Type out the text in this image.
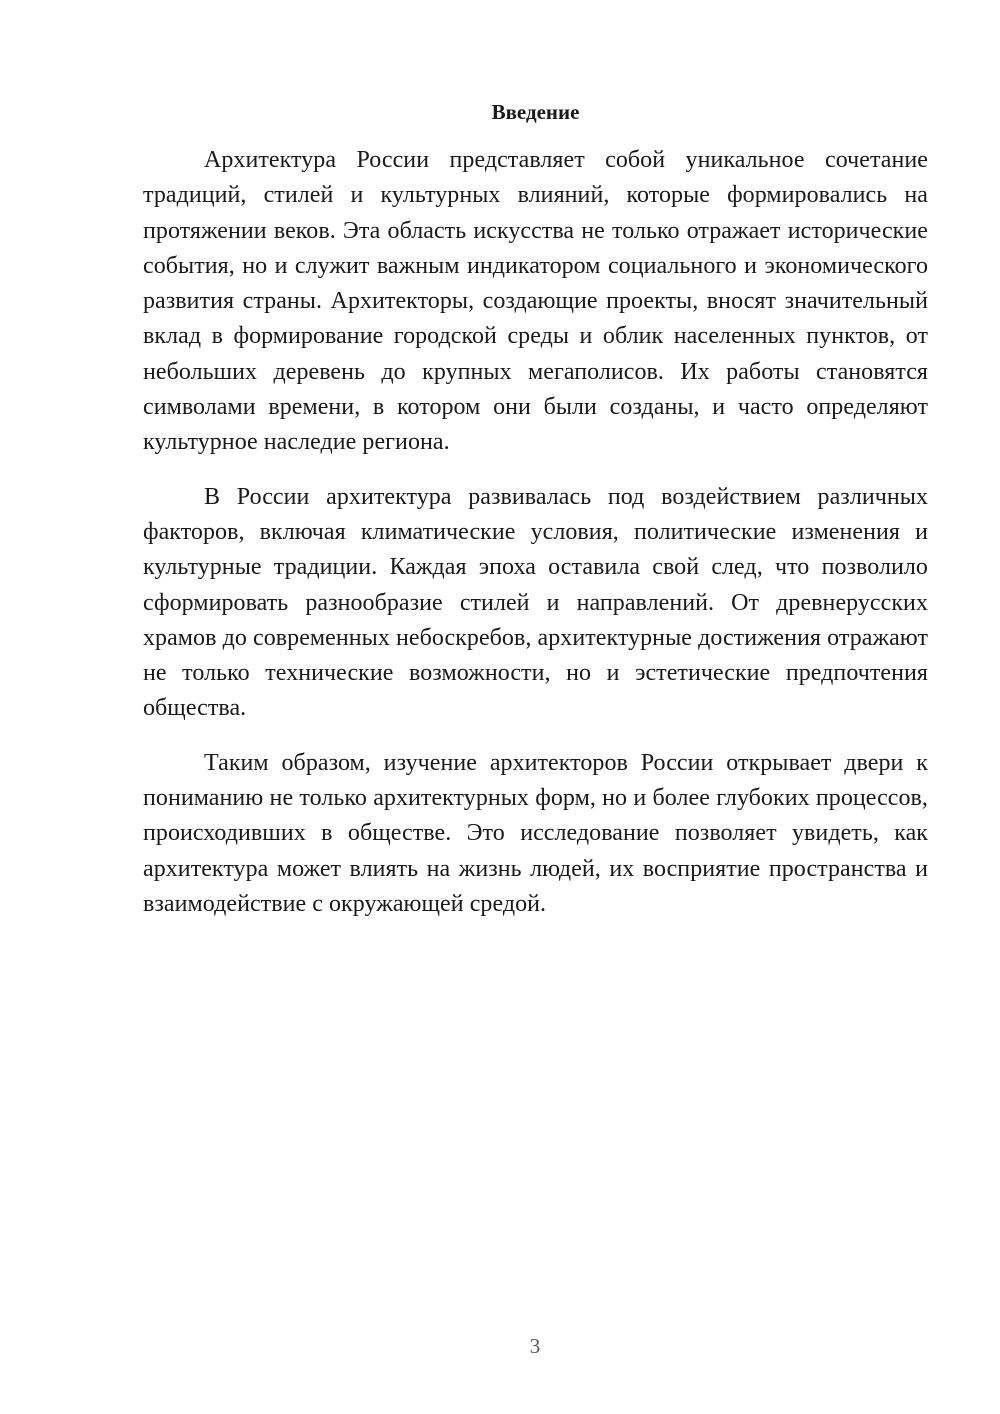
Введение

Архитектура России представляет собой уникальное сочетание традиций, стилей и культурных влияний, которые формировались на протяжении веков. Эта область искусства не только отражает исторические события, но и служит важным индикатором социального и экономического развития страны. Архитекторы, создающие проекты, вносят значительный вклад в формирование городской среды и облик населенных пунктов, от небольших деревень до крупных мегаполисов. Их работы становятся символами времени, в котором они были созданы, и часто определяют культурное наследие региона.

В России архитектура развивалась под воздействием различных факторов, включая климатические условия, политические изменения и культурные традиции. Каждая эпоха оставила свой след, что позволило сформировать разнообразие стилей и направлений. От древнерусских храмов до современных небоскребов, архитектурные достижения отражают не только технические возможности, но и эстетические предпочтения общества.

Таким образом, изучение архитекторов России открывает двери к пониманию не только архитектурных форм, но и более глубоких процессов, происходивших в обществе. Это исследование позволяет увидеть, как архитектура может влиять на жизнь людей, их восприятие пространства и взаимодействие с окружающей средой.

3
